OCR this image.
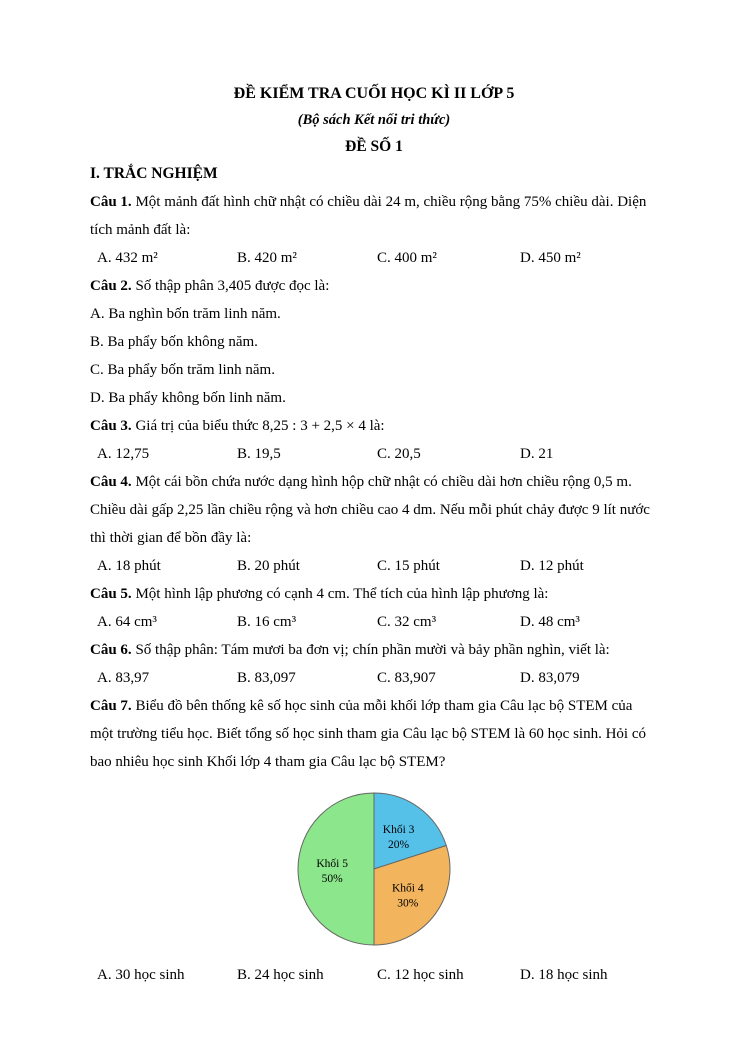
ĐỀ KIỂM TRA CUỐI HỌC KÌ II LỚP 5
(Bộ sách Kết nối tri thức)
ĐỀ SỐ 1
I. TRẮC NGHIỆM

Câu 1. Một mảnh đất hình chữ nhật có chiều dài 24 m, chiều rộng bằng 75% chiều dài. Diện tích mảnh đất là:

A. 432 m²	B. 420 m²	C. 400 m²	D. 450 m²

Câu 2. Số thập phân 3,405 được đọc là:

A. Ba nghìn bốn trăm linh năm.
B. Ba phẩy bốn không năm.
C. Ba phẩy bốn trăm linh năm.
D. Ba phẩy không bốn linh năm.

Câu 3. Giá trị của biểu thức 8,25 : 3 + 2,5 × 4 là:

A. 12,75	B. 19,5	C. 20,5	D. 21

Câu 4. Một cái bồn chứa nước dạng hình hộp chữ nhật có chiều dài hơn chiều rộng 0,5 m. Chiều dài gấp 2,25 lần chiều rộng và hơn chiều cao 4 dm. Nếu mỗi phút chảy được 9 lít nước thì thời gian để bồn đầy là:

A. 18 phút	B. 20 phút	C. 15 phút	D. 12 phút

Câu 5. Một hình lập phương có cạnh 4 cm. Thể tích của hình lập phương là:

A. 64 cm³	B. 16 cm³	C. 32 cm³	D. 48 cm³

Câu 6. Số thập phân: Tám mươi ba đơn vị; chín phần mười và bảy phần nghìn, viết là:

A. 83,97	B. 83,097	C. 83,907	D. 83,079

Câu 7. Biểu đồ bên thống kê số học sinh của mỗi khối lớp tham gia Câu lạc bộ STEM của một trường tiểu học. Biết tổng số học sinh tham gia Câu lạc bộ STEM là 60 học sinh. Hỏi có bao nhiêu học sinh Khối lớp 4 tham gia Câu lạc bộ STEM?

Khối 3 20%
Khối 4 30%
Khối 5 50%
A. 30 học sinh	B. 24 học sinh	C. 12 học sinh	D. 18 học sinh
